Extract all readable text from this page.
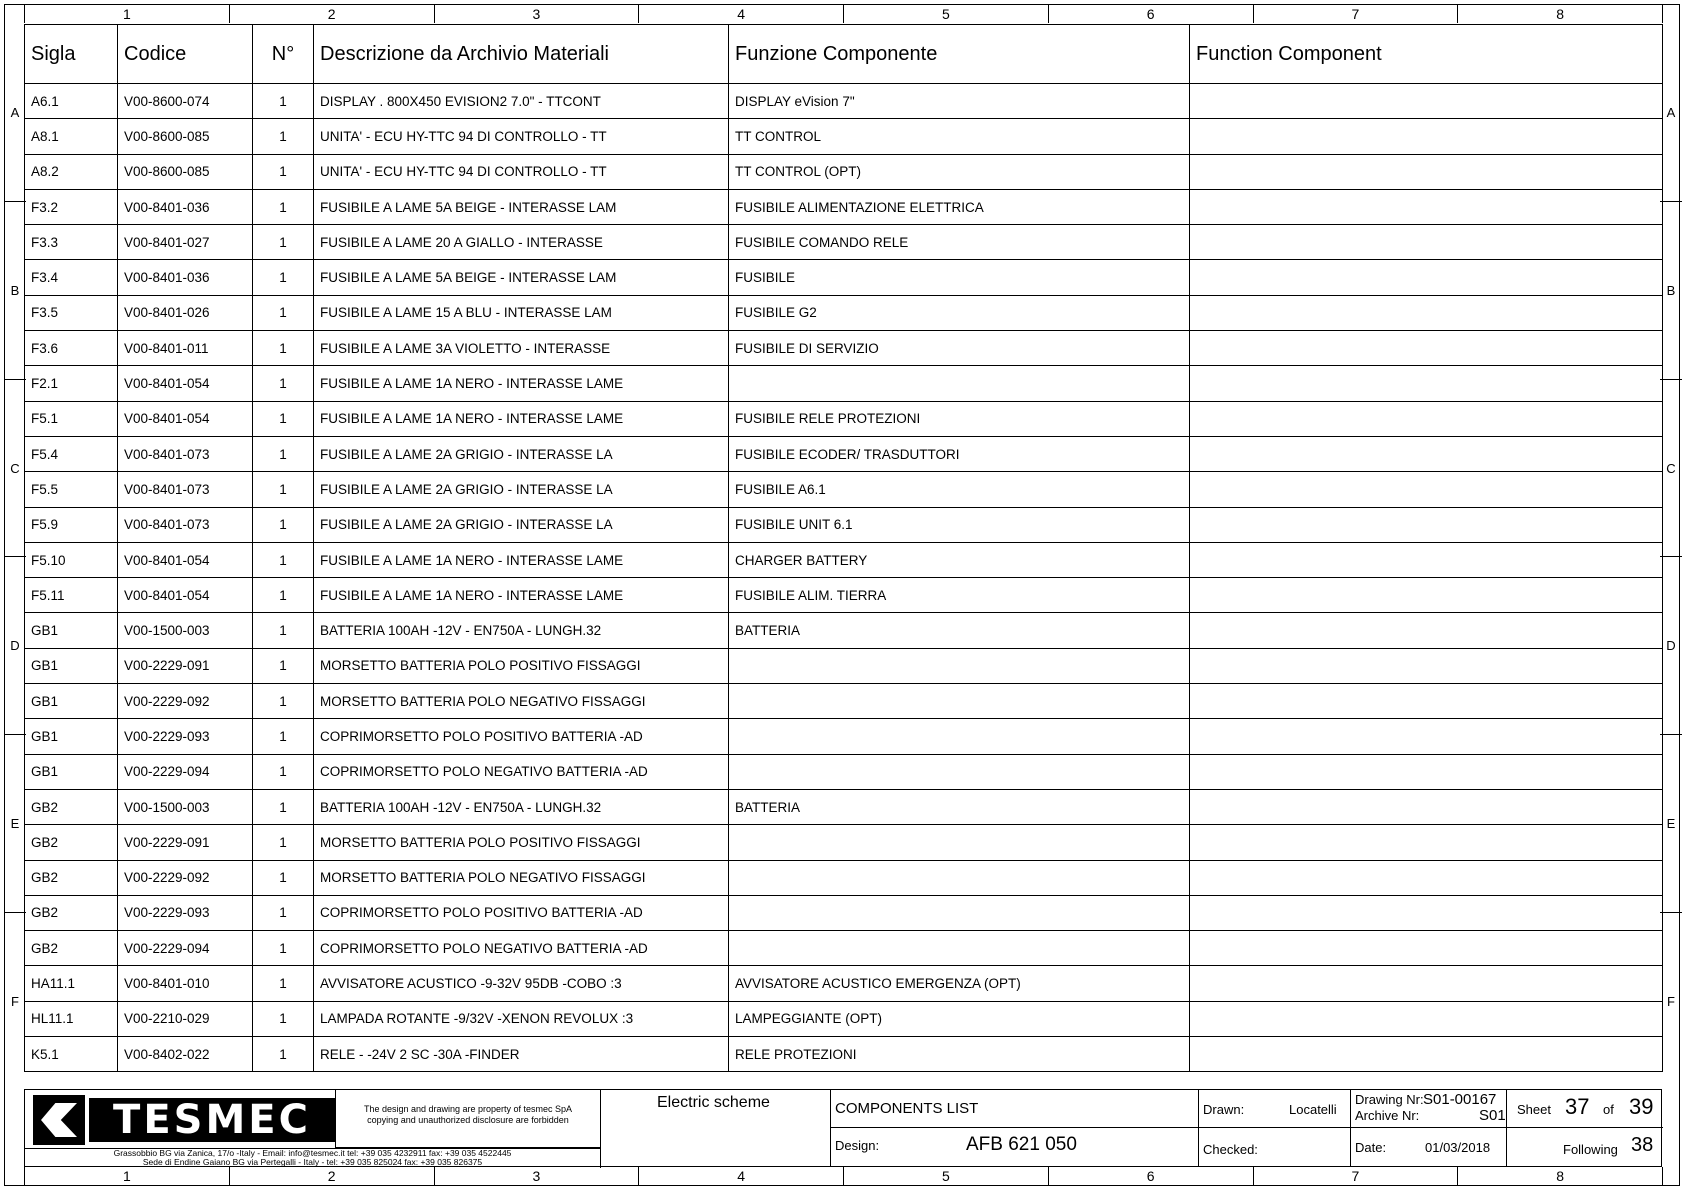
1	2	3	4	5	6	7	8
1	2	3	4	5	6	7	8
A
B
C
D
E
F
A
B
C
D
E
F
Sigla	Codice	N°	Descrizione da Archivio Materiali	Funzione Componente	Function Component
A6.1	V00-8600-074	1	DISPLAY . 800X450 EVISION2 7.0" - TTCONT	DISPLAY eVision 7"	
A8.1	V00-8600-085	1	UNITA' - ECU HY-TTC 94 DI CONTROLLO - TT	TT CONTROL	
A8.2	V00-8600-085	1	UNITA' - ECU HY-TTC 94 DI CONTROLLO - TT	TT CONTROL (OPT)	
F3.2	V00-8401-036	1	FUSIBILE A LAME 5A BEIGE - INTERASSE LAM	FUSIBILE ALIMENTAZIONE ELETTRICA	
F3.3	V00-8401-027	1	FUSIBILE A LAME 20 A GIALLO - INTERASSE	FUSIBILE COMANDO RELE	
F3.4	V00-8401-036	1	FUSIBILE A LAME 5A BEIGE - INTERASSE LAM	FUSIBILE	
F3.5	V00-8401-026	1	FUSIBILE A LAME 15 A BLU - INTERASSE LAM	FUSIBILE G2	
F3.6	V00-8401-011	1	FUSIBILE A LAME 3A VIOLETTO - INTERASSE	FUSIBILE DI SERVIZIO	
F2.1	V00-8401-054	1	FUSIBILE A LAME 1A NERO - INTERASSE LAME		
F5.1	V00-8401-054	1	FUSIBILE A LAME 1A NERO - INTERASSE LAME	FUSIBILE RELE PROTEZIONI	
F5.4	V00-8401-073	1	FUSIBILE A LAME 2A GRIGIO - INTERASSE LA	FUSIBILE ECODER/ TRASDUTTORI	
F5.5	V00-8401-073	1	FUSIBILE A LAME 2A GRIGIO - INTERASSE LA	FUSIBILE A6.1	
F5.9	V00-8401-073	1	FUSIBILE A LAME 2A GRIGIO - INTERASSE LA	FUSIBILE UNIT 6.1	
F5.10	V00-8401-054	1	FUSIBILE A LAME 1A NERO - INTERASSE LAME	CHARGER BATTERY	
F5.11	V00-8401-054	1	FUSIBILE A LAME 1A NERO - INTERASSE LAME	FUSIBILE ALIM. TIERRA	
GB1	V00-1500-003	1	BATTERIA 100AH -12V - EN750A - LUNGH.32	BATTERIA	
GB1	V00-2229-091	1	MORSETTO BATTERIA POLO POSITIVO FISSAGGI		
GB1	V00-2229-092	1	MORSETTO BATTERIA POLO NEGATIVO FISSAGGI		
GB1	V00-2229-093	1	COPRIMORSETTO POLO POSITIVO BATTERIA -AD		
GB1	V00-2229-094	1	COPRIMORSETTO POLO NEGATIVO BATTERIA -AD		
GB2	V00-1500-003	1	BATTERIA 100AH -12V - EN750A - LUNGH.32	BATTERIA	
GB2	V00-2229-091	1	MORSETTO BATTERIA POLO POSITIVO FISSAGGI		
GB2	V00-2229-092	1	MORSETTO BATTERIA POLO NEGATIVO FISSAGGI		
GB2	V00-2229-093	1	COPRIMORSETTO POLO POSITIVO BATTERIA -AD		
GB2	V00-2229-094	1	COPRIMORSETTO POLO NEGATIVO BATTERIA -AD		
HA11.1	V00-8401-010	1	AVVISATORE ACUSTICO -9-32V 95DB -COBO :3	AVVISATORE ACUSTICO EMERGENZA (OPT)	
HL11.1	V00-2210-029	1	LAMPADA ROTANTE -9/32V -XENON REVOLUX :3	LAMPEGGIANTE (OPT)	
K5.1	V00-8402-022	1	RELE - -24V 2 SC -30A -FINDER	RELE PROTEZIONI	
TESMEC	The design and drawing are property of tesmec SpA
copying and unauthorized disclosure are forbidden
Grassobbio BG via Zanica, 17/o -Italy - Email: info@tesmec.it tel: +39 035 4232911 fax: +39 035 4522445
Sede di Endine Gaiano BG via Pertegalli - Italy - tel: +39 035 825024 fax: +39 035 826375
Electric scheme	COMPONENTS LIST
Design:	AFB 621 050
Drawn:	Locatelli
Checked:
Drawing Nr: S01-00167
Archive Nr:	S01
Date:	01/03/2018
Sheet 37 of 39
Following 38
